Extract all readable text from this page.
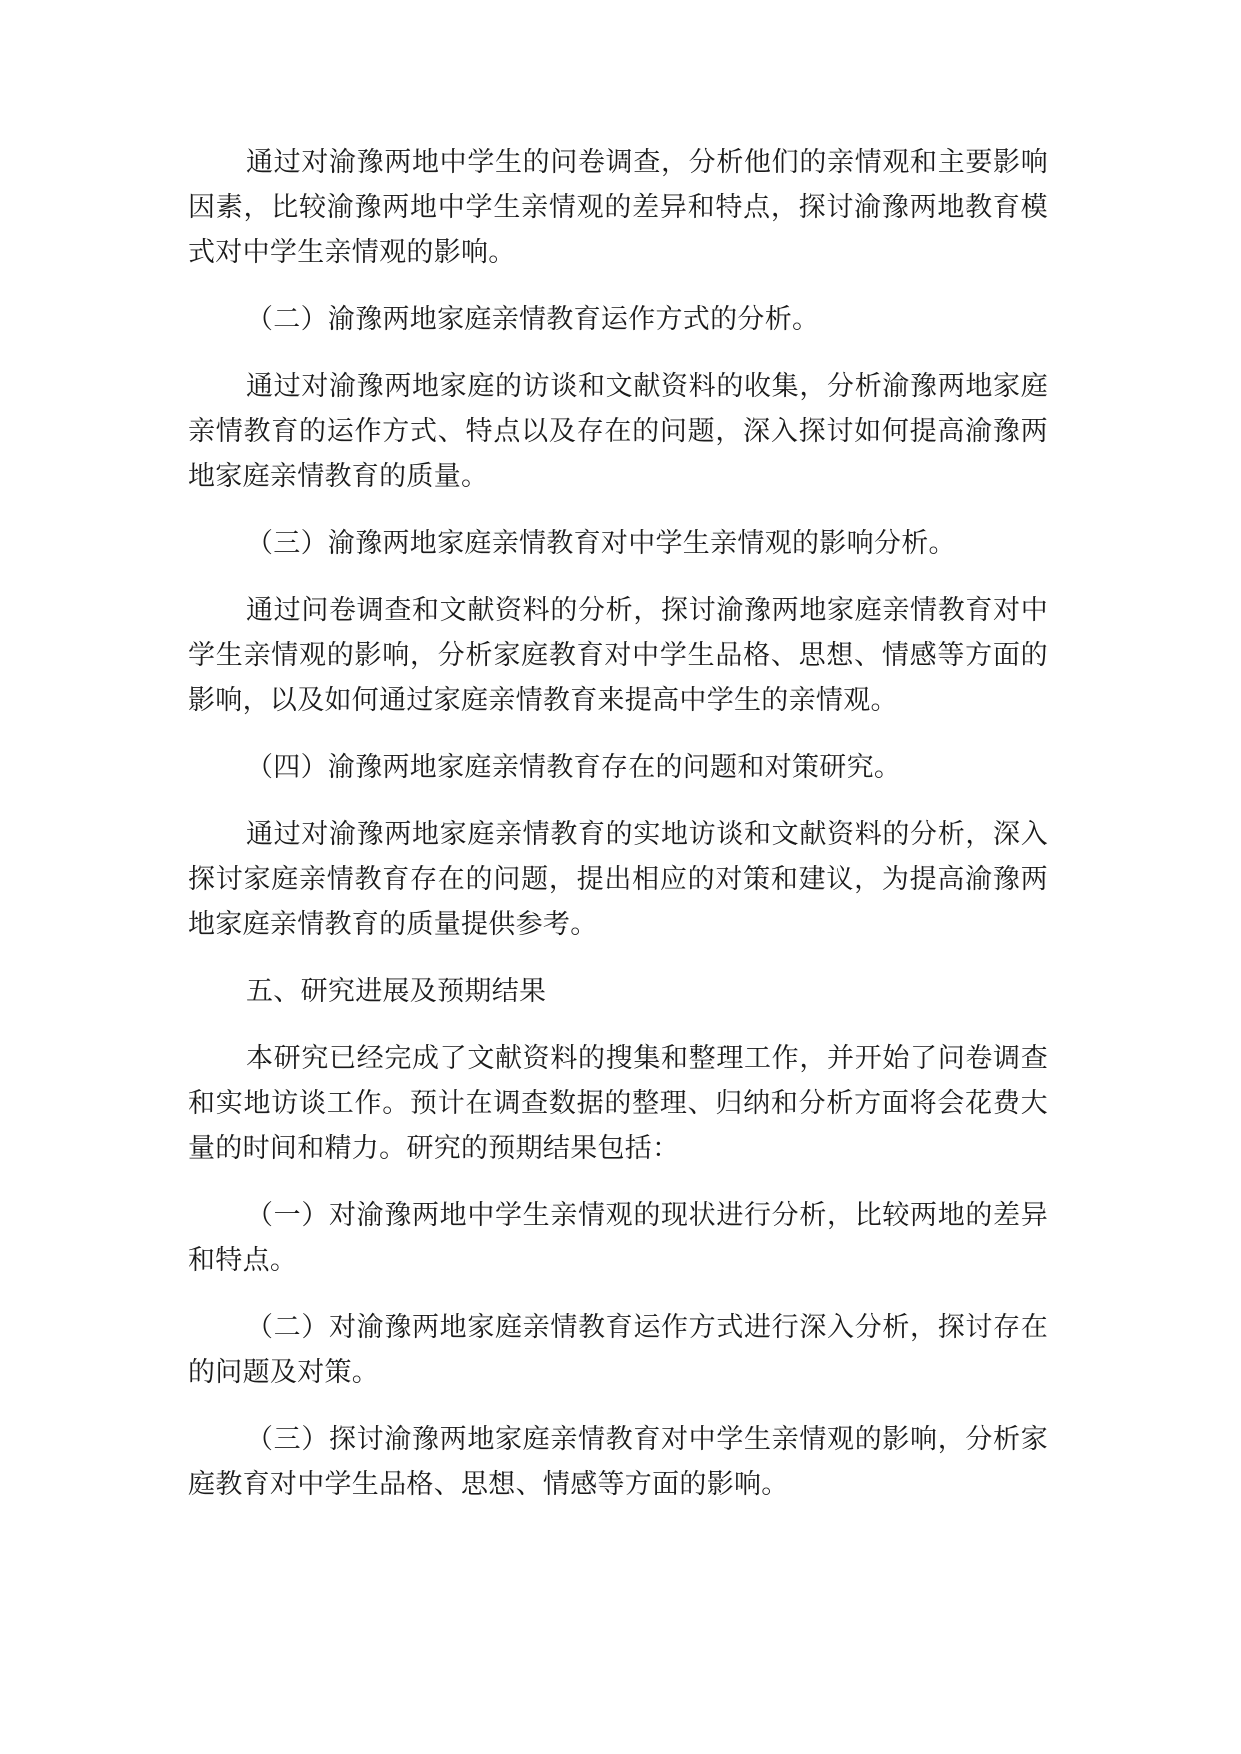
通过对渝豫两地中学生的问卷调查，分析他们的亲情观和主要影响因素，比较渝豫两地中学生亲情观的差异和特点，探讨渝豫两地教育模式对中学生亲情观的影响。

（二）渝豫两地家庭亲情教育运作方式的分析。

通过对渝豫两地家庭的访谈和文献资料的收集，分析渝豫两地家庭亲情教育的运作方式、特点以及存在的问题，深入探讨如何提高渝豫两地家庭亲情教育的质量。

（三）渝豫两地家庭亲情教育对中学生亲情观的影响分析。

通过问卷调查和文献资料的分析，探讨渝豫两地家庭亲情教育对中学生亲情观的影响，分析家庭教育对中学生品格、思想、情感等方面的影响，以及如何通过家庭亲情教育来提高中学生的亲情观。

（四）渝豫两地家庭亲情教育存在的问题和对策研究。

通过对渝豫两地家庭亲情教育的实地访谈和文献资料的分析，深入探讨家庭亲情教育存在的问题，提出相应的对策和建议，为提高渝豫两地家庭亲情教育的质量提供参考。

五、研究进展及预期结果

本研究已经完成了文献资料的搜集和整理工作，并开始了问卷调查和实地访谈工作。预计在调查数据的整理、归纳和分析方面将会花费大量的时间和精力。研究的预期结果包括：

（一）对渝豫两地中学生亲情观的现状进行分析，比较两地的差异和特点。

（二）对渝豫两地家庭亲情教育运作方式进行深入分析，探讨存在的问题及对策。

（三）探讨渝豫两地家庭亲情教育对中学生亲情观的影响，分析家庭教育对中学生品格、思想、情感等方面的影响。
